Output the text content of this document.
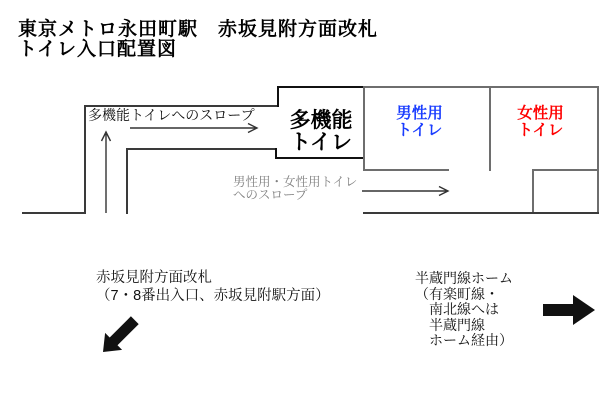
東京メトロ永田町駅　赤坂見附方面改札
トイレ入口配置図
多機能トイレへのスロープ	多機能
トイレ
男性用
トイレ
女性用
トイレ
男性用・女性用トイレ
へのスロープ
赤坂見附方面改札
（7・8番出入口、赤坂見附駅方面）
半蔵門線ホーム
（有楽町線・
南北線へは
半蔵門線
ホーム経由）
